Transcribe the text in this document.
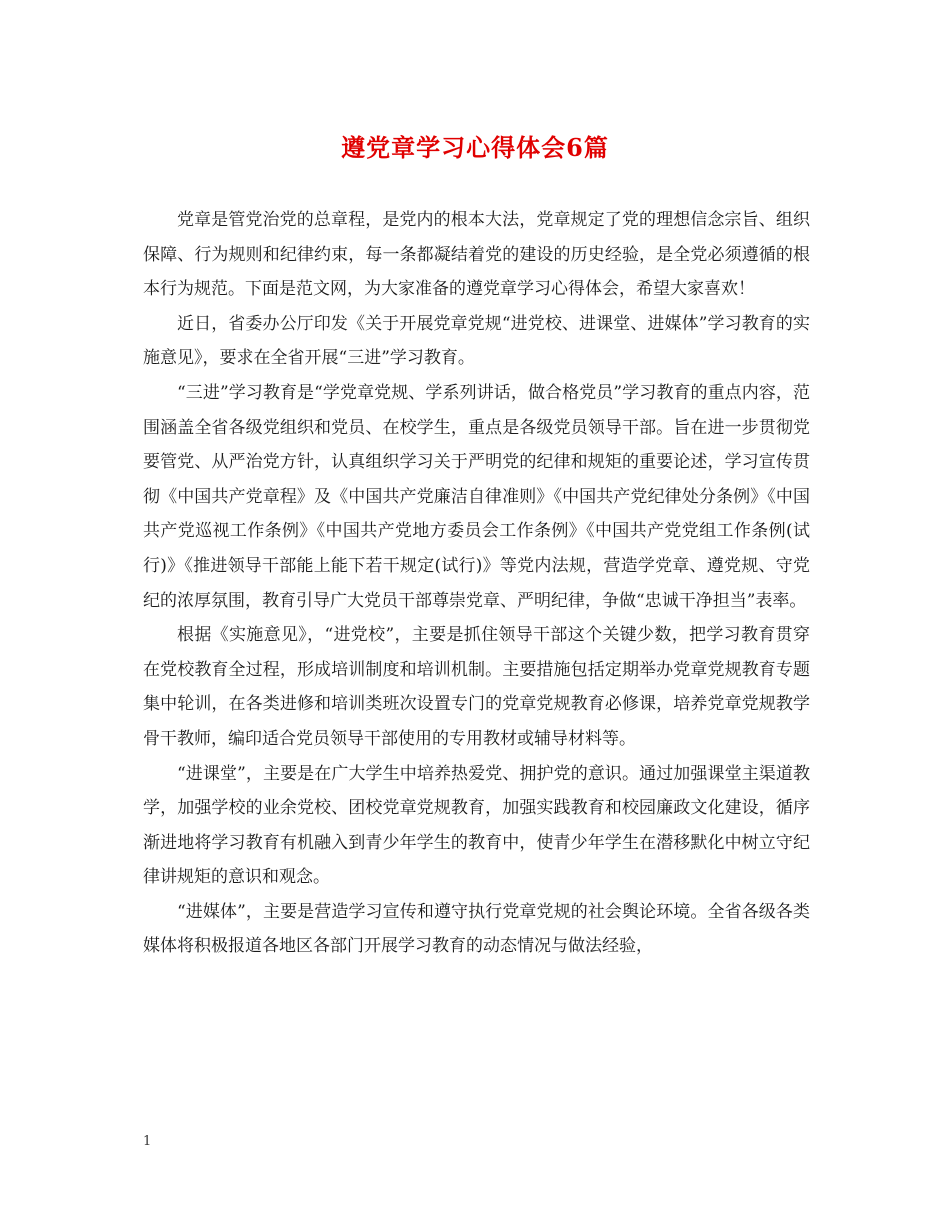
遵党章学习心得体会6篇

党章是管党治党的总章程，是党内的根本大法，党章规定了党的理想信念宗旨、组织保障、行为规则和纪律约束，每一条都凝结着党的建设的历史经验，是全党必须遵循的根本行为规范。下面是范文网，为大家准备的遵党章学习心得体会，希望大家喜欢！

近日，省委办公厅印发《关于开展党章党规“进党校、进课堂、进媒体”学习教育的实施意见》，要求在全省开展“三进”学习教育。

“三进”学习教育是“学党章党规、学系列讲话，做合格党员”学习教育的重点内容，范围涵盖全省各级党组织和党员、在校学生，重点是各级党员领导干部。旨在进一步贯彻党要管党、从严治党方针，认真组织学习关于严明党的纪律和规矩的重要论述，学习宣传贯彻《中国共产党章程》及《中国共产党廉洁自律准则》《中国共产党纪律处分条例》《中国共产党巡视工作条例》《中国共产党地方委员会工作条例》《中国共产党党组工作条例(试行)》《推进领导干部能上能下若干规定(试行)》等党内法规，营造学党章、遵党规、守党纪的浓厚氛围，教育引导广大党员干部尊崇党章、严明纪律，争做“忠诚干净担当”表率。

根据《实施意见》，“进党校”，主要是抓住领导干部这个关键少数，把学习教育贯穿在党校教育全过程，形成培训制度和培训机制。主要措施包括定期举办党章党规教育专题集中轮训，在各类进修和培训类班次设置专门的党章党规教育必修课，培养党章党规教学骨干教师，编印适合党员领导干部使用的专用教材或辅导材料等。

“进课堂”，主要是在广大学生中培养热爱党、拥护党的意识。通过加强课堂主渠道教学，加强学校的业余党校、团校党章党规教育，加强实践教育和校园廉政文化建设，循序渐进地将学习教育有机融入到青少年学生的教育中，使青少年学生在潜移默化中树立守纪律讲规矩的意识和观念。

“进媒体”，主要是营造学习宣传和遵守执行党章党规的社会舆论环境。全省各级各类媒体将积极报道各地区各部门开展学习教育的动态情况与做法经验，

1
